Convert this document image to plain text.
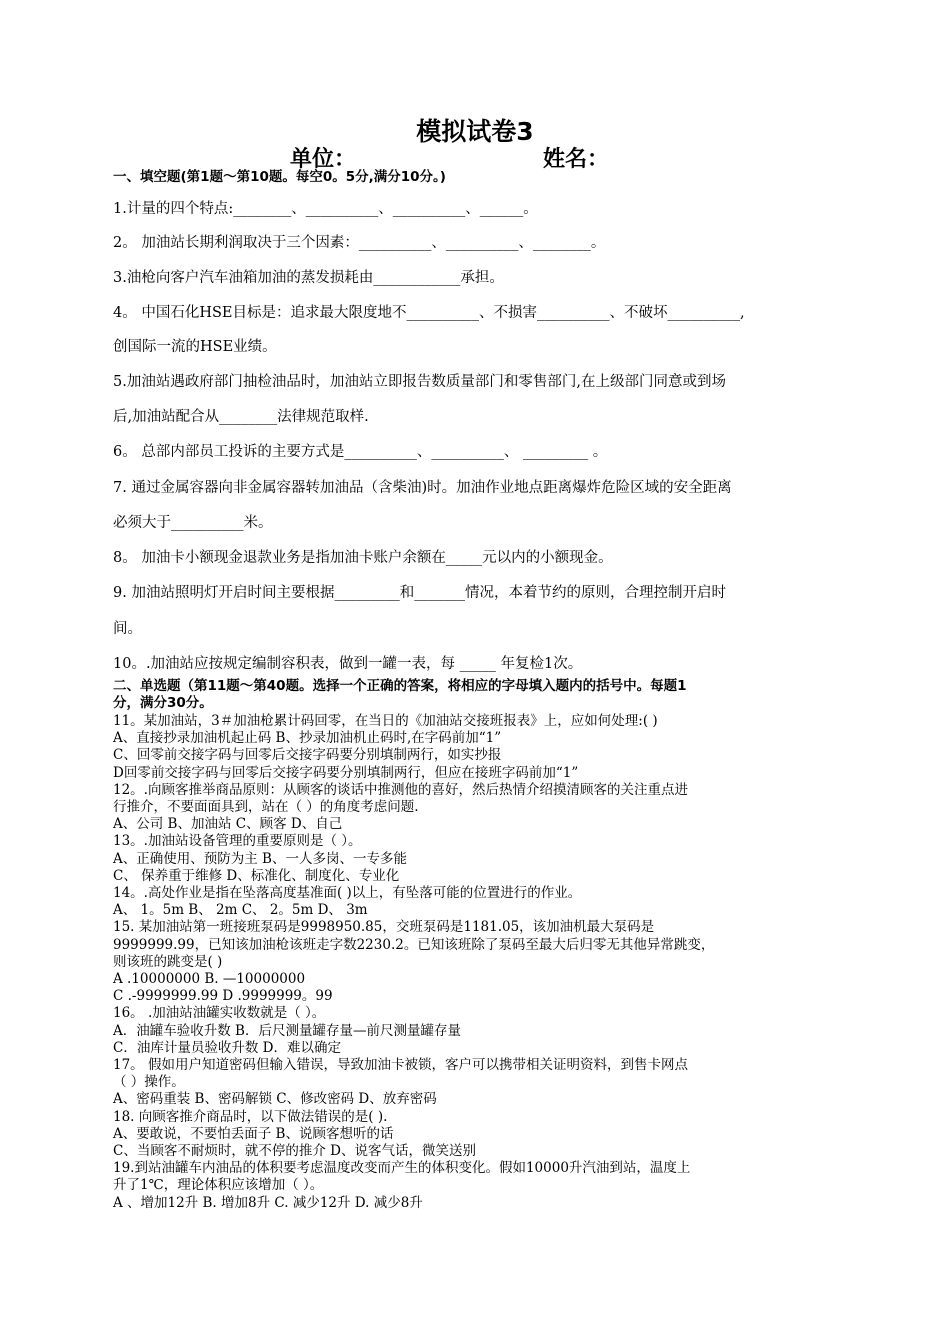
模拟试卷3
单位：	姓名：
一、填空题(第1题～第10题。每空0。5分,满分10分。)
1.计量的四个特点:________、__________、__________、______。
2。 加油站长期利润取决于三个因素：__________、__________、________。
3.油枪向客户汽车油箱加油的蒸发损耗由____________承担。
4。 中国石化HSE目标是：追求最大限度地不__________、不损害__________、不破坏__________,
创国际一流的HSE业绩。
5.加油站遇政府部门抽检油品时，加油站立即报告数质量部门和零售部门,在上级部门同意或到场
后,加油站配合从________法律规范取样.
6。 总部内部员工投诉的主要方式是__________、__________、 _________ 。
7. 通过金属容器向非金属容器转加油品（含柴油)时。加油作业地点距离爆炸危险区域的安全距离
必须大于__________米。
8。 加油卡小额现金退款业务是指加油卡账户余额在_____元以内的小额现金。
9. 加油站照明灯开启时间主要根据_________和_______情况，本着节约的原则，合理控制开启时
间。
10。.加油站应按规定编制容积表，做到一罐一表，每 _____ 年复检1次。
二、单选题（第11题～第40题。选择一个正确的答案，将相应的字母填入题内的括号中。每题1
分，满分30分。
11。某加油站，3＃加油枪累计码回零，在当日的《加油站交接班报表》上，应如何处理:( )
A、直接抄录加油机起止码 B、抄录加油机止码时,在字码前加“1”
C、回零前交接字码与回零后交接字码要分别填制两行，如实抄报
D回零前交接字码与回零后交接字码要分别填制两行，但应在接班字码前加“1”
12。.向顾客推举商品原则：从顾客的谈话中推测他的喜好，然后热情介绍摸清顾客的关注重点进
行推介，不要面面具到，站在（ ）的角度考虑问题.
A、公司 B、加油站 C、顾客 D、自己
13。.加油站设备管理的重要原则是（ ）。
A、正确使用、预防为主 B、一人多岗、一专多能
C、 保养重于维修 D、标准化、制度化、专业化
14。.高处作业是指在坠落高度基准面( )以上，有坠落可能的位置进行的作业。
A、 1。5m B、 2m C、 2。5m D、 3m
15. 某加油站第一班接班泵码是9998950.85，交班泵码是1181.05，该加油机最大泵码是
9999999.99，已知该加油枪该班走字数2230.2。已知该班除了泵码至最大后归零无其他异常跳变，
则该班的跳变是( )
A .10000000 B. —10000000
C .-9999999.99 D .9999999。99
16。 .加油站油罐实收数就是（ ）。
A．油罐车验收升数 B．后尺测量罐存量—前尺测量罐存量
C．油库计量员验收升数 D．难以确定
17。 假如用户知道密码但输入错误，导致加油卡被锁，客户可以携带相关证明资料，到售卡网点
（ ）操作。
A、密码重装 B、密码解锁 C、修改密码 D、放弃密码
18. 向顾客推介商品时，以下做法错误的是( ).
A、要敢说，不要怕丢面子 B、说顾客想听的话
C、当顾客不耐烦时，就不停的推介 D、说客气话，微笑送别
19.到站油罐车内油品的体积要考虑温度改变而产生的体积变化。假如10000升汽油到站，温度上
升了1℃，理论体积应该增加（ ）。
A 、增加12升 B. 增加8升 C. 减少12升 D. 减少8升
